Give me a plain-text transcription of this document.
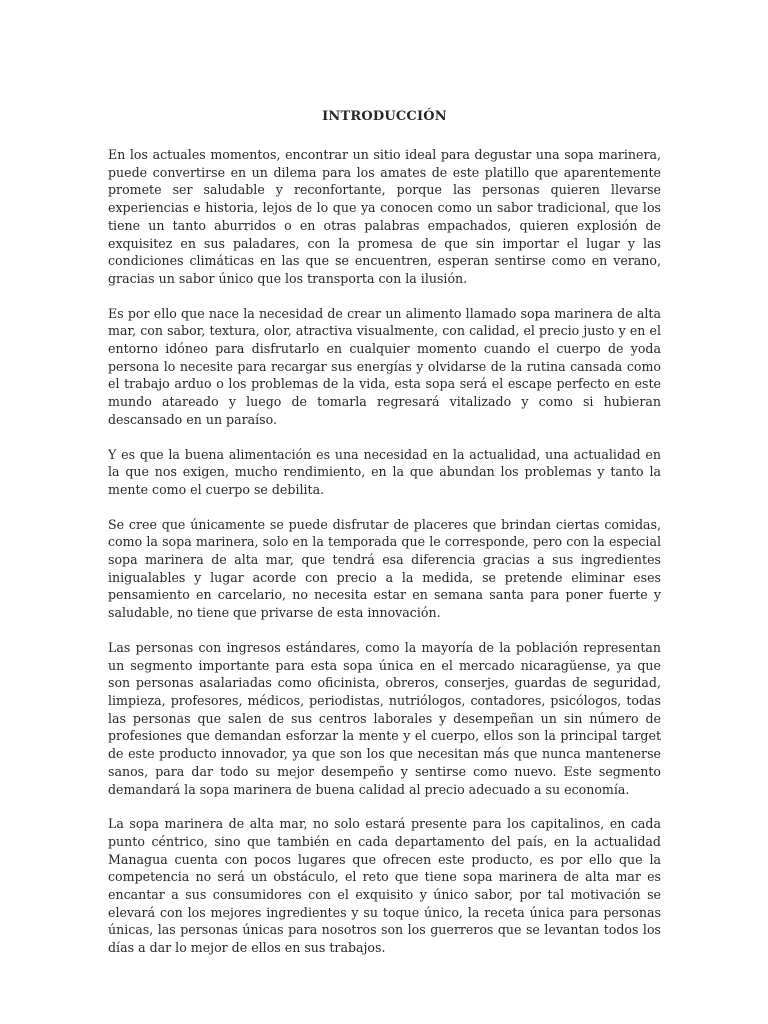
INTRODUCCIÓN

En los actuales momentos, encontrar un sitio ideal para degustar una sopa marinera, puede convertirse en un dilema para los amates de este platillo que aparentemente promete ser saludable y reconfortante, porque las personas quieren llevarse experiencias e historia, lejos de lo que ya conocen como un sabor tradicional, que los tiene un tanto aburridos o en otras palabras empachados, quieren explosión de exquisitez en sus paladares, con la promesa de que sin importar el lugar y las condiciones climáticas en las que se encuentren, esperan sentirse como en verano, gracias un sabor único que los transporta con la ilusión.

Es por ello que nace la necesidad de crear un alimento llamado sopa marinera de alta mar, con sabor, textura, olor, atractiva visualmente, con calidad, el precio justo y en el entorno idóneo para disfrutarlo en cualquier momento cuando el cuerpo de yoda persona lo necesite para recargar sus energías y olvidarse de la rutina cansada como el trabajo arduo o los problemas de la vida, esta sopa será el escape perfecto en este mundo atareado y luego de tomarla regresará vitalizado y como si hubieran descansado en un paraíso.

Y es que la buena alimentación es una necesidad en la actualidad, una actualidad en la que nos exigen, mucho rendimiento, en la que abundan los problemas y tanto la mente como el cuerpo se debilita.

Se cree que únicamente se puede disfrutar de placeres que brindan ciertas comidas, como la sopa marinera, solo en la temporada que le corresponde, pero con la especial sopa marinera de alta mar, que tendrá esa diferencia gracias a sus ingredientes inigualables y lugar acorde con precio a la medida, se pretende eliminar eses pensamiento en carcelario, no necesita estar en semana santa para poner fuerte y saludable, no tiene que privarse de esta innovación.

Las personas con ingresos estándares, como la mayoría de la población representan un segmento importante para esta sopa única en el mercado nicaragüense, ya que son personas asalariadas como oficinista, obreros, conserjes, guardas de seguridad, limpieza, profesores, médicos, periodistas, nutriólogos, contadores, psicólogos, todas las personas que salen de sus centros laborales y desempeñan un sin número de profesiones que demandan esforzar la mente y el cuerpo, ellos son la principal target de este producto innovador, ya que son los que necesitan más que nunca mantenerse sanos, para dar todo su mejor desempeño y sentirse como nuevo. Este segmento demandará la sopa marinera de buena calidad al precio adecuado a su economía.

La sopa marinera de alta mar, no solo estará presente para los capitalinos, en cada punto céntrico, sino que también en cada departamento del país, en la actualidad Managua cuenta con pocos lugares que ofrecen este producto, es por ello que la competencia no será un obstáculo, el reto que tiene sopa marinera de alta mar es encantar a sus consumidores con el exquisito y único sabor, por tal motivación se elevará con los mejores ingredientes y su toque único, la receta única para personas únicas, las personas únicas para nosotros son los guerreros que se levantan todos los días a dar lo mejor de ellos en sus trabajos.
